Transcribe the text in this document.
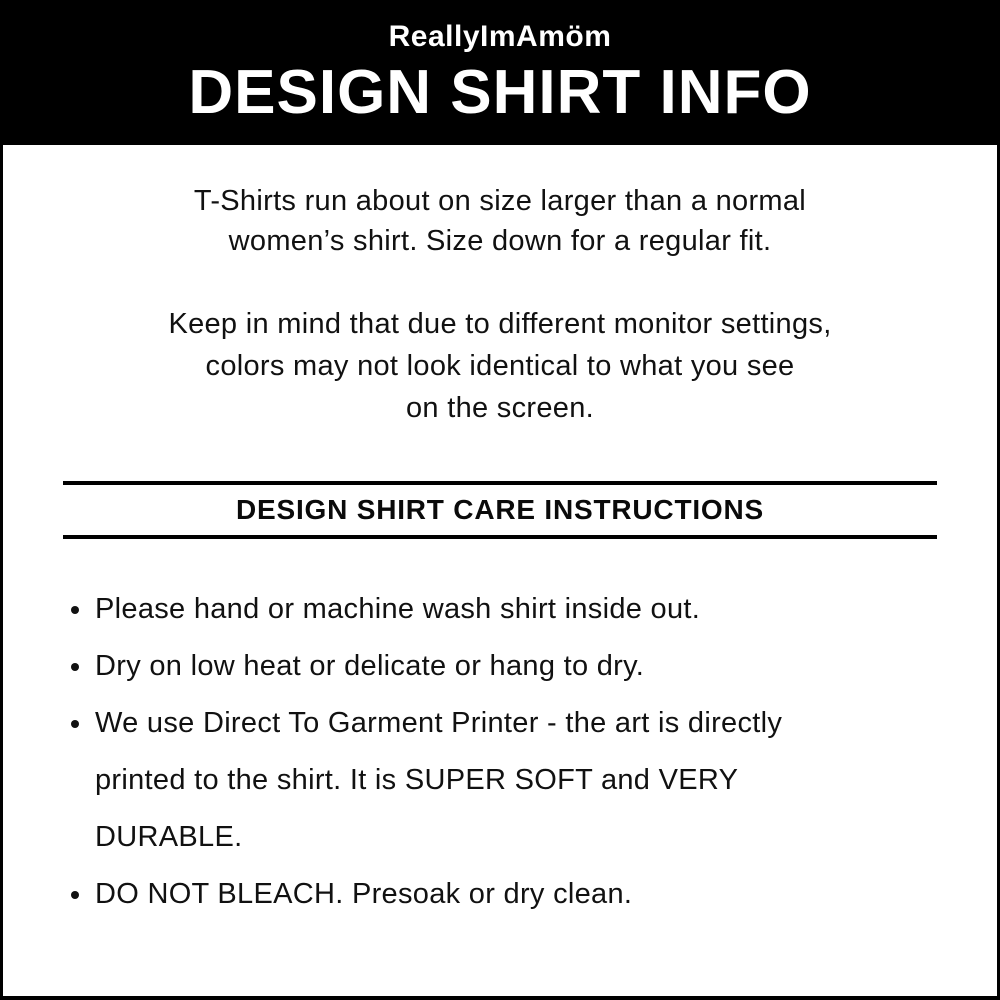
ReallyImAmöm
DESIGN SHIRT INFO

T-Shirts run about on size larger than a normal
women’s shirt. Size down for a regular fit.

Keep in mind that due to different monitor settings,
colors may not look identical to what you see
on the screen.

DESIGN SHIRT CARE INSTRUCTIONS
Please hand or machine wash shirt inside out.
Dry on low heat or delicate or hang to dry.
We use Direct To Garment Printer - the art is directly
printed to the shirt. It is SUPER SOFT and VERY
DURABLE.
DO NOT BLEACH. Presoak or dry clean.
